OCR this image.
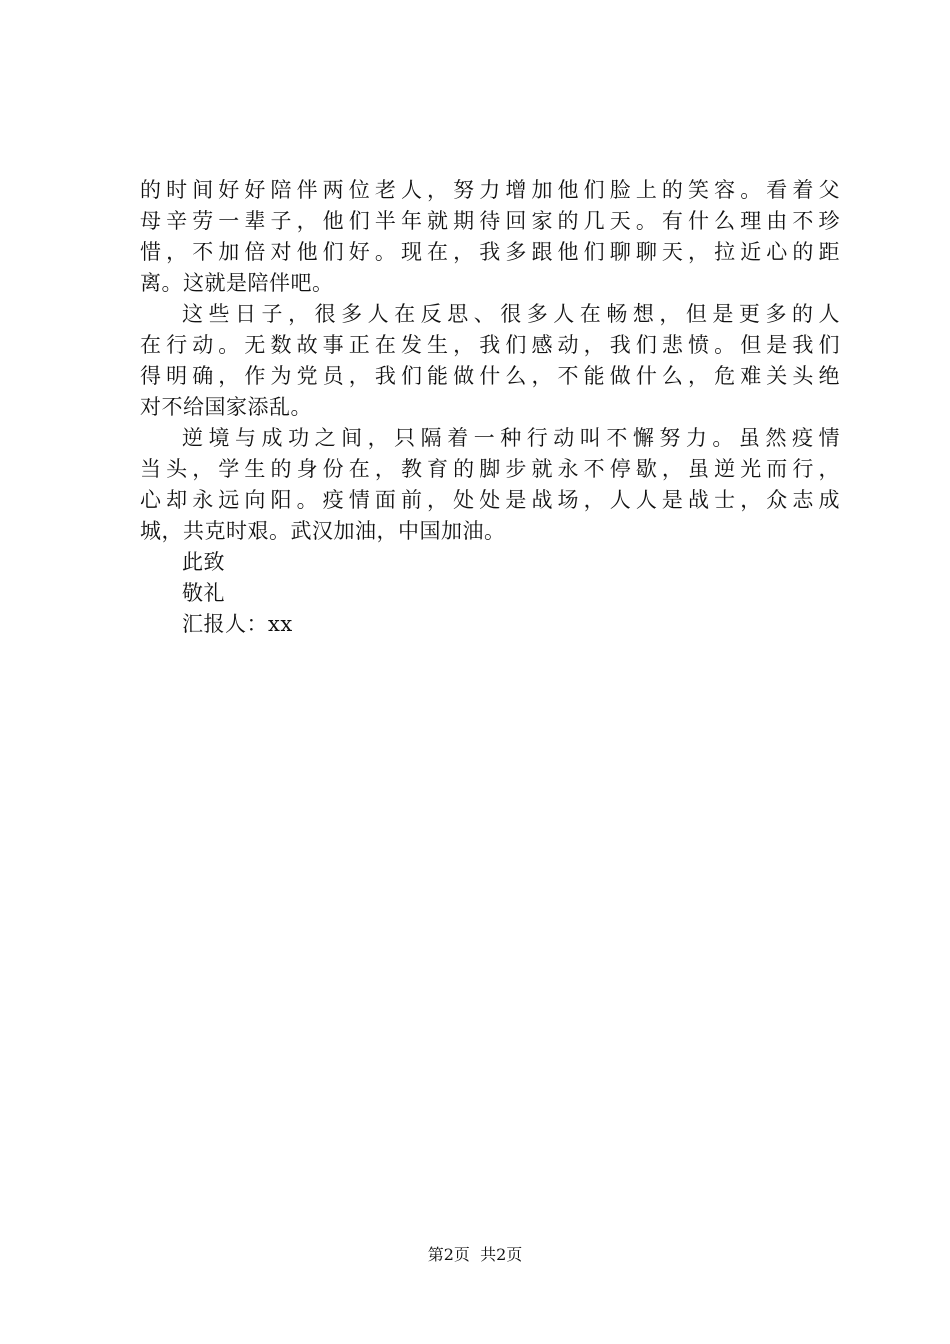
的时间好好陪伴两位老人，努力增加他们脸上的笑容。看着父
母辛劳一辈子，他们半年就期待回家的几天。有什么理由不珍
惜，不加倍对他们好。现在，我多跟他们聊聊天，拉近心的距
离。这就是陪伴吧。
这些日子，很多人在反思、很多人在畅想，但是更多的人
在行动。无数故事正在发生，我们感动，我们悲愤。但是我们
得明确，作为党员，我们能做什么，不能做什么，危难关头绝
对不给国家添乱。
逆境与成功之间，只隔着一种行动叫不懈努力。虽然疫情
当头，学生的身份在，教育的脚步就永不停歇，虽逆光而行，
心却永远向阳。疫情面前，处处是战场，人人是战士，众志成
城，共克时艰。武汉加油，中国加油。
此致
敬礼
汇报人：xx
第2页  共2页
